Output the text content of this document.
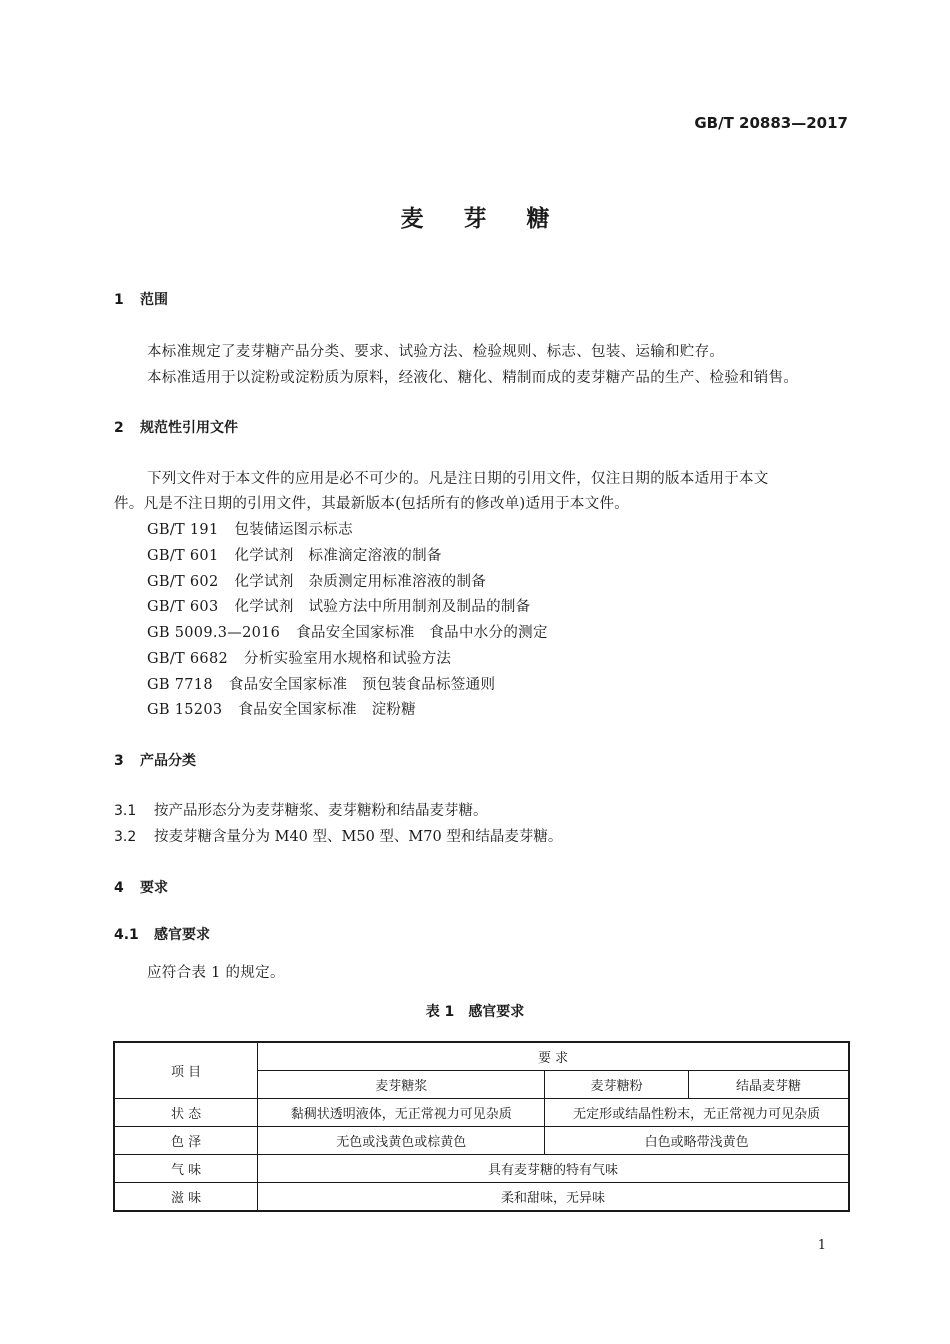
GB/T 20883—2017
麦芽糖
1 范围
本标准规定了麦芽糖产品分类、要求、试验方法、检验规则、标志、包装、运输和贮存。
本标准适用于以淀粉或淀粉质为原料，经液化、糖化、精制而成的麦芽糖产品的生产、检验和销售。
2 规范性引用文件
下列文件对于本文件的应用是必不可少的。凡是注日期的引用文件，仅注日期的版本适用于本文
件。凡是不注日期的引用文件，其最新版本(包括所有的修改单)适用于本文件。
GB/T 191 包装储运图示标志
GB/T 601 化学试剂　标准滴定溶液的制备
GB/T 602 化学试剂　杂质测定用标准溶液的制备
GB/T 603 化学试剂　试验方法中所用制剂及制品的制备
GB 5009.3—2016 食品安全国家标准　食品中水分的测定
GB/T 6682 分析实验室用水规格和试验方法
GB 7718 食品安全国家标准　预包装食品标签通则
GB 15203 食品安全国家标准　淀粉糖
3 产品分类
3.1 按产品形态分为麦芽糖浆、麦芽糖粉和结晶麦芽糖。
3.2 按麦芽糖含量分为 M40 型、M50 型、M70 型和结晶麦芽糖。
4 要求
4.1 感官要求
应符合表 1 的规定。
表 1 感官要求
项 目	要 求		
	麦芽糖浆	麦芽糖粉	结晶麦芽糖
状 态	黏稠状透明液体，无正常视力可见杂质	无定形或结晶性粉末，无正常视力可见杂质	
色 泽	无色或浅黄色或棕黄色	白色或略带浅黄色	
气 味	具有麦芽糖的特有气味		
滋 味	柔和甜味，无异味		
1
